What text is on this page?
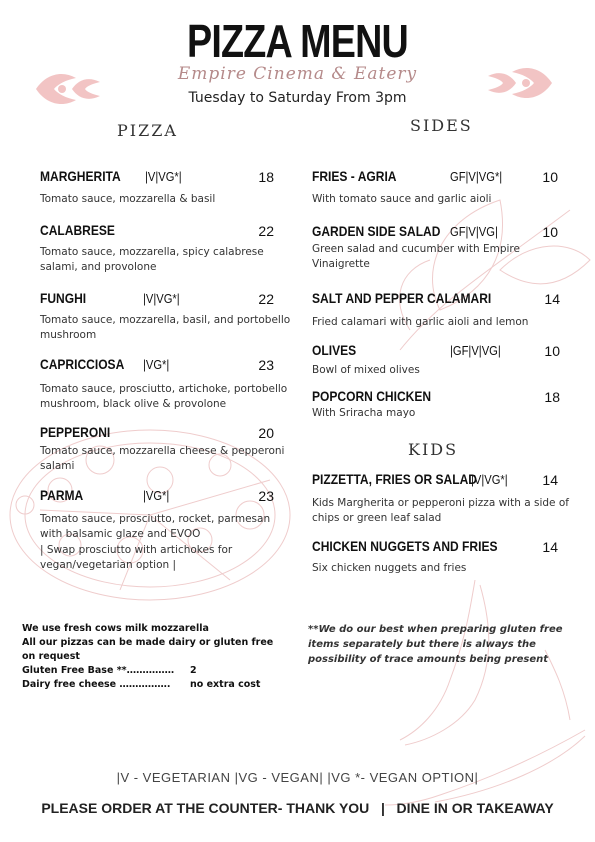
PIZZA MENU
Empire Cinema & Eatery
Tuesday to Saturday From 3pm
PIZZA	SIDES
KIDS
MARGHERITA |V|VG*|	18
Tomato sauce, mozzarella & basil
CALABRESE	22
Tomato sauce, mozzarella, spicy calabrese salami, and provolone
FUNGHI	|V|VG*|	22
Tomato sauce, mozzarella, basil, and portobello mushroom
CAPRICCIOSA |VG*|	23
Tomato sauce, prosciutto, artichoke, portobello mushroom, black olive & provolone
PEPPERONI	20
Tomato sauce, mozzarella cheese & pepperoni salami
PARMA	|VG*|	23
Tomato sauce, prosciutto, rocket, parmesan with balsamic glaze and EVOO
| Swap prosciutto with artichokes for vegan/vegetarian option |
FRIES - AGRIA	GF|V|VG*|	10
With tomato sauce and garlic aioli
GARDEN SIDE SALAD GF|V|VG|	10
Green salad and cucumber with Empire Vinaigrette
SALT AND PEPPER CALAMARI	14
Fried calamari with garlic aioli and lemon
OLIVES	|GF|V|VG|	10
Bowl of mixed olives
POPCORN CHICKEN	18
With Sriracha mayo
PIZZETTA, FRIES OR SALAD
|V|VG*|	14
Kids Margherita or pepperoni pizza with a side of chips or green leaf salad
CHICKEN NUGGETS AND FRIES	14
Six chicken nuggets and fries
We use fresh cows milk mozzarella
All our pizzas can be made dairy or gluten free on request
Gluten Free Base **…………… 2
Dairy free cheese ……………. no extra cost
**We do our best when preparing gluten free items separately but there is always the possibility of trace amounts being present
|V - VEGETARIAN |VG - VEGAN| |VG *- VEGAN OPTION|
PLEASE ORDER AT THE COUNTER- THANK YOU   |   DINE IN OR TAKEAWAY
